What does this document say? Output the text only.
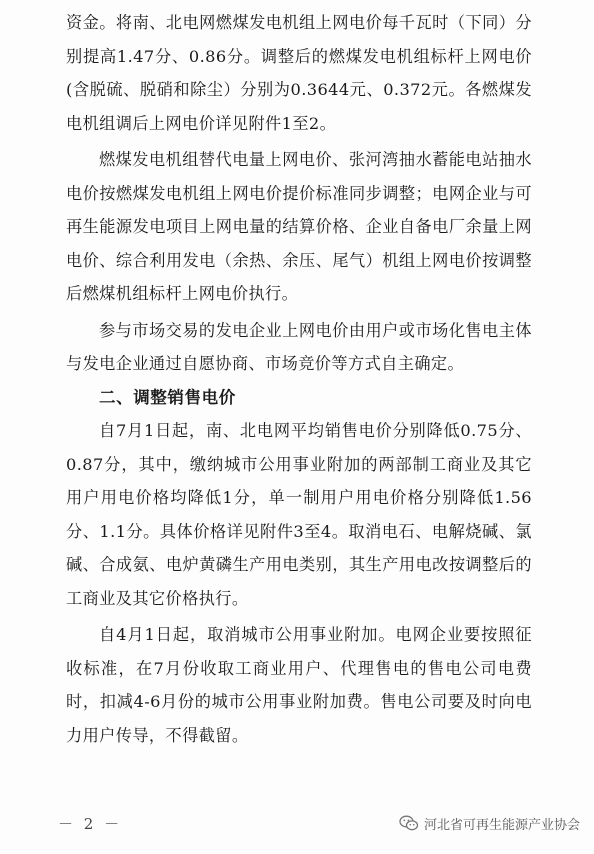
资金。将南、北电网燃煤发电机组上网电价每千瓦时（下同）分别提高1.47分、0.86分。调整后的燃煤发电机组标杆上网电价(含脱硫、脱硝和除尘）分别为0.3644元、0.372元。各燃煤发电机组调后上网电价详见附件1至2。

燃煤发电机组替代电量上网电价、张河湾抽水蓄能电站抽水电价按燃煤发电机组上网电价提价标准同步调整；电网企业与可再生能源发电项目上网电量的结算价格、企业自备电厂余量上网电价、综合利用发电（余热、余压、尾气）机组上网电价按调整后燃煤机组标杆上网电价执行。

参与市场交易的发电企业上网电价由用户或市场化售电主体与发电企业通过自愿协商、市场竞价等方式自主确定。

二、调整销售电价

自7月1日起，南、北电网平均销售电价分别降低0.75分、0.87分，其中，缴纳城市公用事业附加的两部制工商业及其它用户用电价格均降低1分，单一制用户用电价格分别降低1.56分、1.1分。具体价格详见附件3至4。取消电石、电解烧碱、氯碱、合成氨、电炉黄磷生产用电类别，其生产用电改按调整后的工商业及其它价格执行。

自4月1日起，取消城市公用事业附加。电网企业要按照征收标准，在7月份收取工商业用户、代理售电的售电公司电费时，扣减4-6月份的城市公用事业附加费。售电公司要及时向电力用户传导，不得截留。

－ 2 －	河北省可再生能源产业协会
